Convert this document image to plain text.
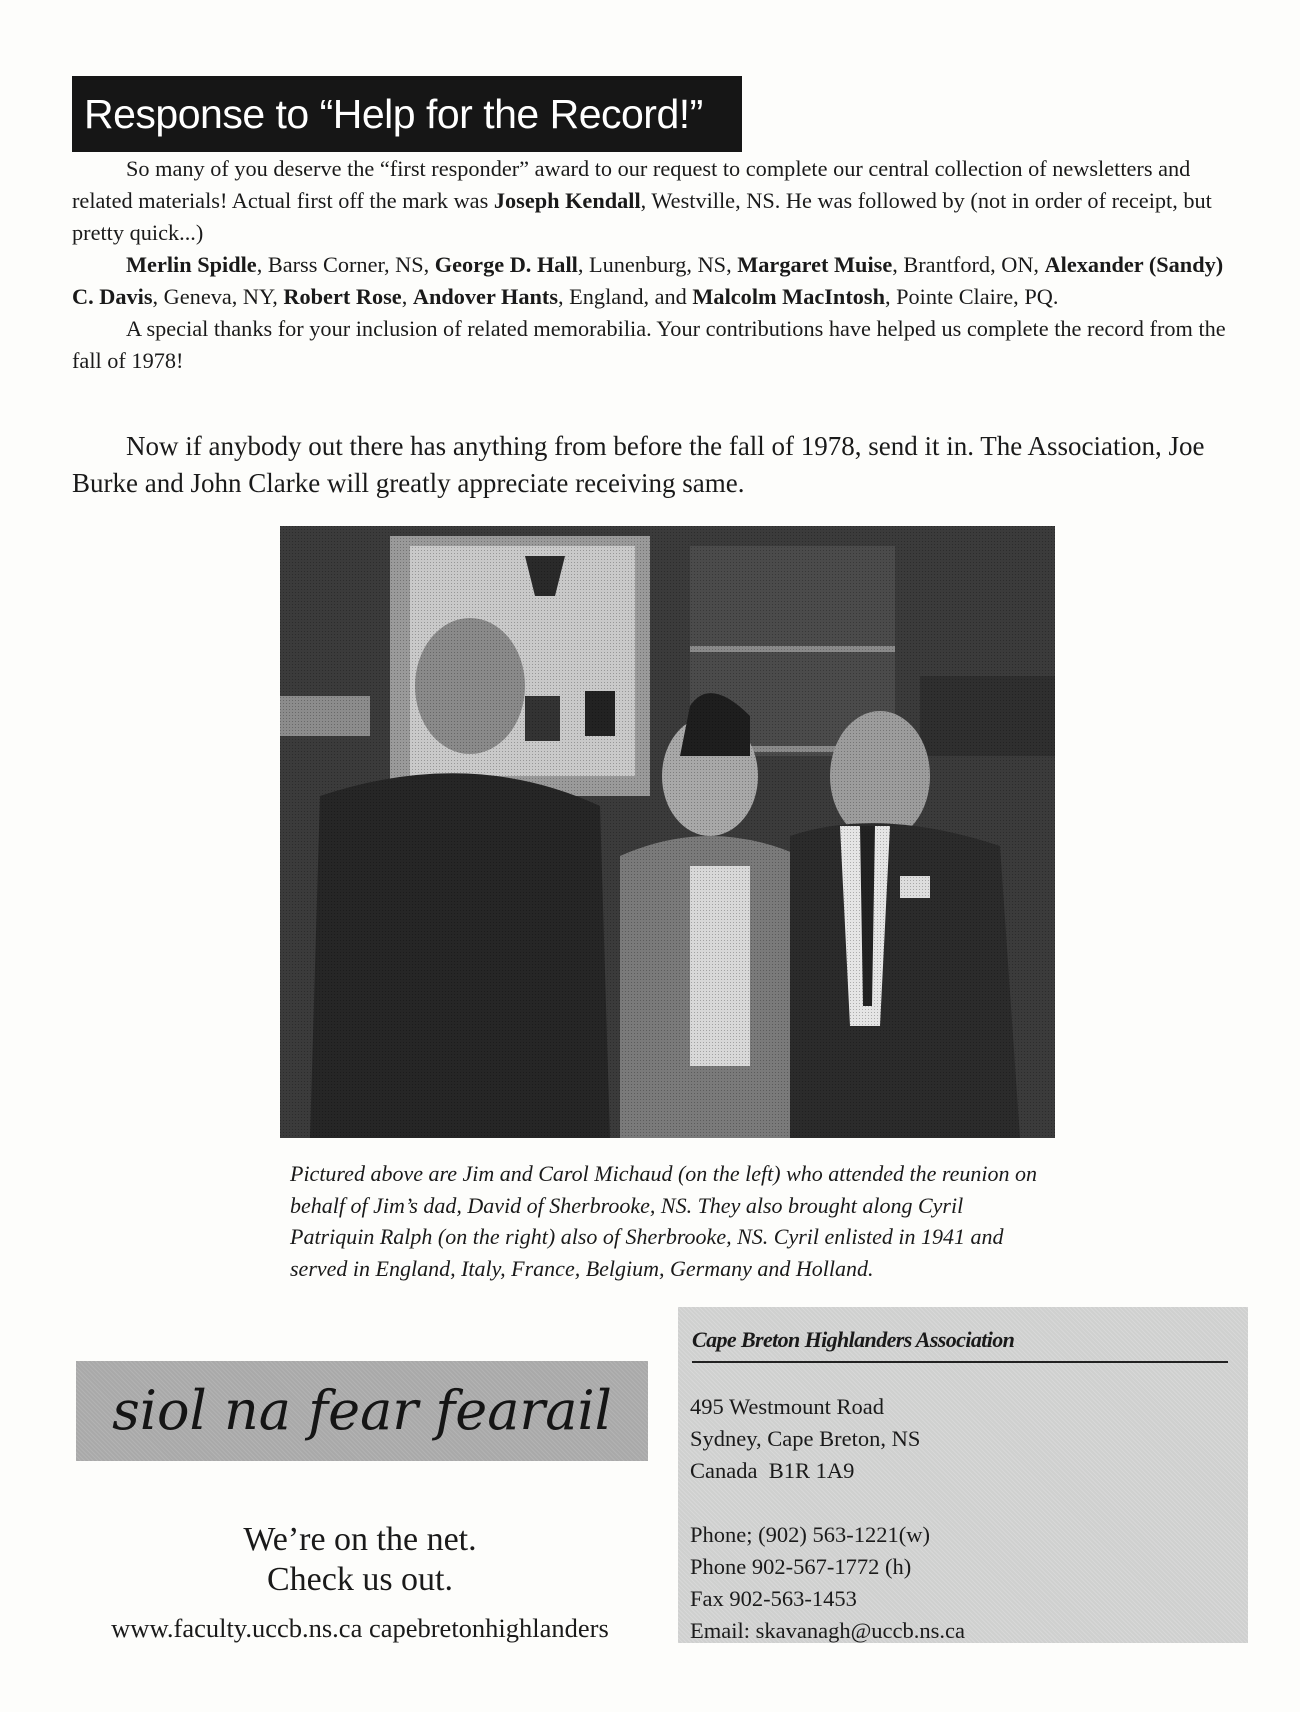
Response to “Help for the Record!”

So many of you deserve the “first responder” award to our request to complete our central collection of newsletters and related materials! Actual first off the mark was Joseph Kendall, Westville, NS. He was followed by (not in order of receipt, but pretty quick...)

Merlin Spidle, Barss Corner, NS, George D. Hall, Lunenburg, NS, Margaret Muise, Brantford, ON, Alexander (Sandy) C. Davis, Geneva, NY, Robert Rose, Andover Hants, England, and Malcolm MacIntosh, Pointe Claire, PQ.

A special thanks for your inclusion of related memorabilia. Your contributions have helped us complete the record from the fall of 1978!

Now if anybody out there has anything from before the fall of 1978, send it in. The Association, Joe Burke and John Clarke will greatly appreciate receiving same.

Pictured above are Jim and Carol Michaud (on the left) who attended the reunion on behalf of Jim’s dad, David of Sherbrooke, NS. They also brought along Cyril Patriquin Ralph (on the right) also of Sherbrooke, NS. Cyril enlisted in 1941 and served in England, Italy, France, Belgium, Germany and Holland.
siol na fear fearail
We’re on the net.
Check us out.
www.faculty.uccb.ns.ca capebretonhighlanders
Cape Breton Highlanders Association
495 Westmount Road
Sydney, Cape Breton, NS
Canada  B1R 1A9
Phone; (902) 563-1221(w)
Phone 902-567-1772 (h)
Fax 902-563-1453
Email: skavanagh@uccb.ns.ca
